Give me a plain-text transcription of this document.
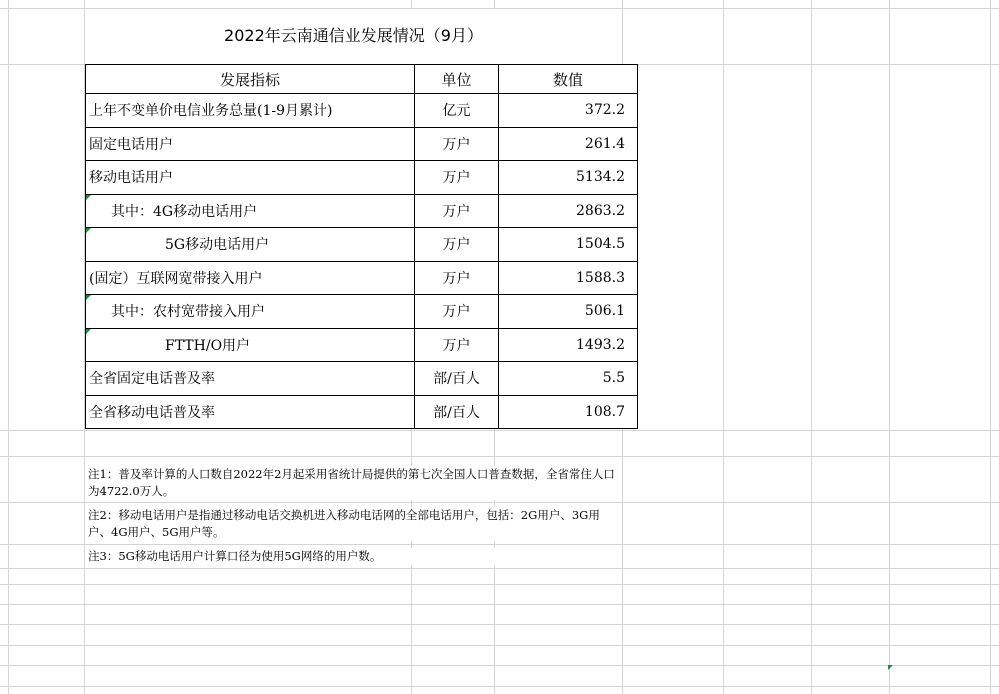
2022年云南通信业发展情况（9月）
发展指标	单位	数值
上年不变单价电信业务总量(1-9月累计)	亿元	372.2
固定电话用户	万户	261.4
移动电话用户	万户	5134.2

其中：4G移动电话用户	万户	2863.2

5G移动电话用户	万户	1504.5
(固定）互联网宽带接入用户	万户	1588.3

其中：农村宽带接入用户	万户	506.1

FTTH/O用户	万户	1493.2
全省固定电话普及率	部/百人	5.5
全省移动电话普及率	部/百人	108.7
注1：普及率计算的人口数自2022年2月起采用省统计局提供的第七次全国人口普查数据，全省常住人口为4722.0万人。
注2：移动电话用户是指通过移动电话交换机进入移动电话网的全部电话用户，包括：2G用户、3G用户、4G用户、5G用户等。
注3：5G移动电话用户计算口径为使用5G网络的用户数。
